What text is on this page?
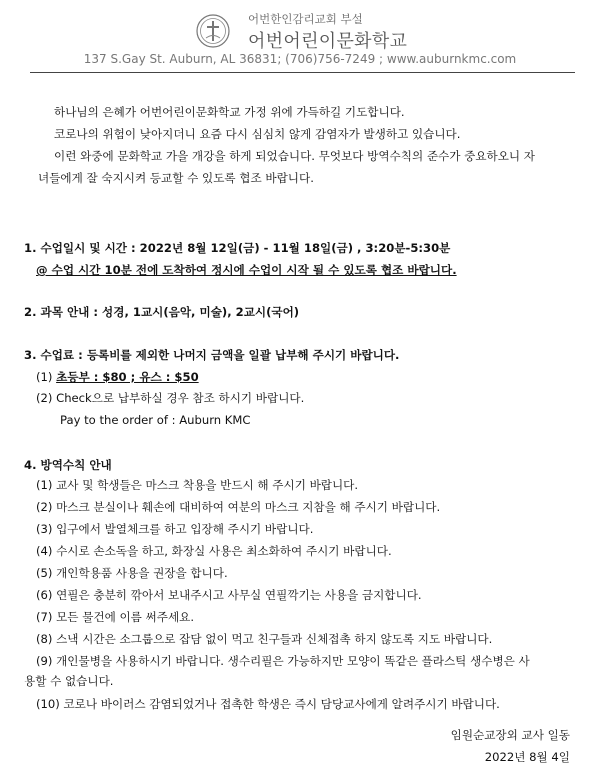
어번한인감리교회 부설
어번어린이문화학교
137 S.Gay St. Auburn, AL 36831; (706)756-7249 ; www.auburnkmc.com
하나님의 은혜가 어번어린이문화학교 가정 위에 가득하길 기도합니다.
코로나의 위험이 낮아지더니 요즘 다시 심심치 않게 감염자가 발생하고 있습니다.
이런 와중에 문화학교 가을 개강을 하게 되었습니다. 무엇보다 방역수칙의 준수가 중요하오니 자
녀들에게 잘 숙지시켜 등교할 수 있도록 협조 바랍니다.
1. 수업일시 및 시간 : 2022년 8월 12일(금) - 11월 18일(금) , 3:20분-5:30분
@ 수업 시간 10분 전에 도착하여 정시에 수업이 시작 될 수 있도록 협조 바랍니다.
2. 과목 안내 : 성경, 1교시(음악, 미술), 2교시(국어)
3. 수업료 : 등록비를 제외한 나머지 금액을 일괄 납부해 주시기 바랍니다.
(1) 초등부 : $80 ; 유스 : $50
(2) Check으로 납부하실 경우 참조 하시기 바랍니다.
Pay to the order of : Auburn KMC
4. 방역수칙 안내
(1) 교사 및 학생들은 마스크 착용을 반드시 해 주시기 바랍니다.
(2) 마스크 분실이나 훼손에 대비하여 여분의 마스크 지참을 해 주시기 바랍니다.
(3) 입구에서 발열체크를 하고 입장해 주시기 바랍니다.
(4) 수시로 손소독을 하고, 화장실 사용은 최소화하여 주시기 바랍니다.
(5) 개인학용품 사용을 권장을 합니다.
(6) 연필은 충분히 깎아서 보내주시고 사무실 연필깍기는 사용을 금지합니다.
(7) 모든 물건에 이름 써주세요.
(8) 스낵 시간은 소그룹으로 잡담 없이 먹고 친구들과 신체접촉 하지 않도록 지도 바랍니다.
(9) 개인물병을 사용하시기 바랍니다. 생수리필은 가능하지만 모양이 똑같은 플라스틱 생수병은 사
용할 수 없습니다.
(10) 코로나 바이러스 감염되었거나 접촉한 학생은 즉시 담당교사에게 알려주시기 바랍니다.
임원순교장외 교사 일동
2022년 8월 4일
